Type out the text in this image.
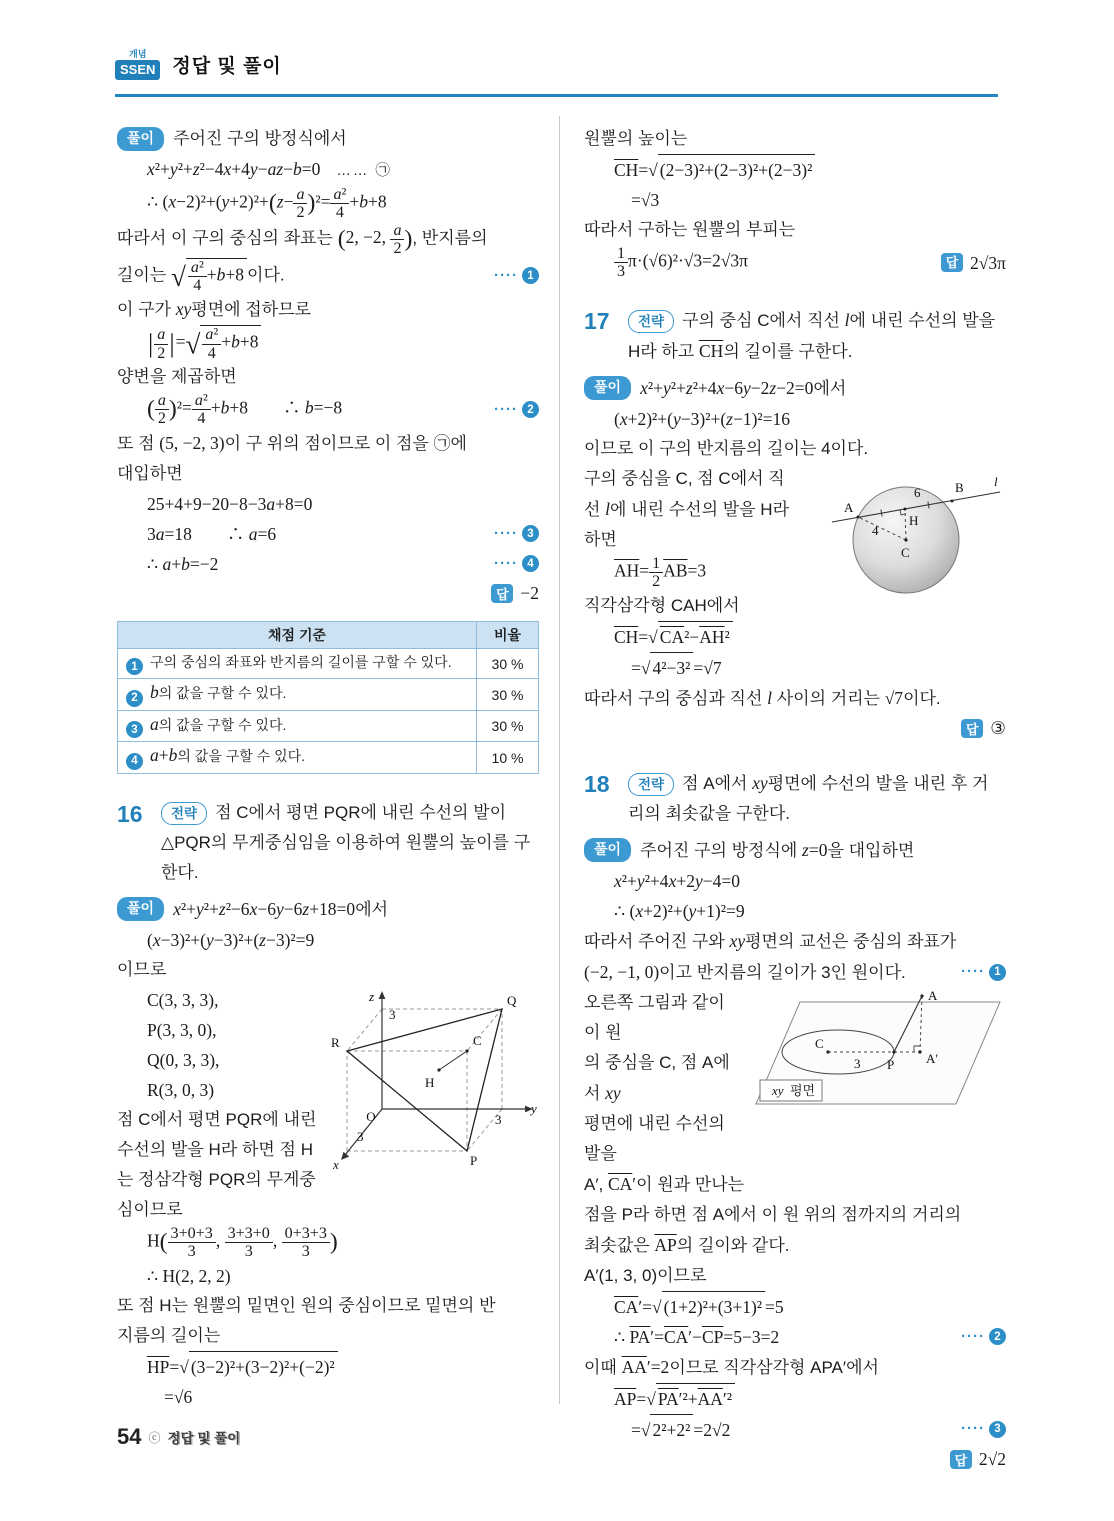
개념
SSEN 정답 및 풀이
풀이	주어진 구의 방정식에서
x²+y²+z²−4x+4y−az−b=0 …… ㉠
∴ $(x-2)^2+(y+2)^2+(z- \frac{a}{2} )^2= \frac{\text{a²}}{4} +b+8$
따라서 이 구의 중심의 좌표는 (2, −2, $\frac{a}{2}$ ), 반지름의
길이는 √ $\frac{\text{a²}}{4} +b+8$ 이다.	···· 1
이 구가 xy평면에 접하므로
| $\frac{a}{2}$ |=√ $\frac{\text{a²}}{4} +b+8$
양변을 제곱하면
( $\frac{a}{2} )^2= \frac{\text{a²}}{4} +b+8$　　∴ b=−8	···· 2
또 점 (5, −2, 3)이 구 위의 점이므로 이 점을 ㉠에
대입하면
25+4+9−20−8−3a+8=0
3a=18　　∴ a=6	···· 3
∴ a+b=−2	···· 4
답 −2
채점 기준	비율
1 구의 중심의 좌표와 반지름의 길이를 구할 수 있다.	30 %
2 b의 값을 구할 수 있다.	30 %
3 a의 값을 구할 수 있다.	30 %
4 a+b의 값을 구할 수 있다.	10 %
16	전략 점 C에서 평면 PQR에 내린 수선의 발이
△PQR의 무게중심임을 이용하여 원뿔의 높이를 구한다.
풀이	x²+y²+z²−6x−6y−6z+18=0에서
(x−3)²+(y−3)²+(z−3)²=9
이므로
z
y
x
O
Q
R	C
H
P
3
3
3
C(3, 3, 3),
P(3, 3, 0),
Q(0, 3, 3),
R(3, 0, 3)
점 C에서 평면 PQR에 내린
수선의 발을 H라 하면 점 H
는 정삼각형 PQR의 무게중심이므로
$H( \frac{3+0+3}{3}$ , $\frac{3+3+0}{3}$ , $\frac{0+3+3}{3}$ )
∴ H(2, 2, 2)
또 점 H는 원뿔의 밑면인 원의 중심이므로 밑면의 반
지름의 길이는
$\overline{HP}=√$ (3−2)²+(3−2)²+(−2)²
=√6
원뿔의 높이는
$\overline{CH}=√$ (2−3)²+(2−3)²+(2−3)²
=√3
따라서 구하는 원뿔의 부피는
$\frac{1}{3} \pi\cdot(√6)^2\cdot√3=2√3\pi$	답 2√3π
17	전략 구의 중심 C에서 직선 l에 내린 수선의 발을
H라 하고 $\overline{CH}$의 길이를 구한다.
풀이	x²+y²+z²+4x−6y−2z−2=0에서
(x+2)²+(y−3)²+(z−1)²=16
이므로 이 구의 반지름의 길이는 4이다.
A
B l
H
C
6
4
구의 중심을 C, 점 C에서 직
선 l에 내린 수선의 발을 H라
하면
$\overline{AH}= \frac{1}{2} \overline{AB}=3$
직각삼각형 CAH에서
$\overline{CH}=√$ $CA^2-\overline{AH}^2$
=√ 4²−3² =√7
따라서 구의 중심과 직선 l 사이의 거리는 √7이다.
답 ③
18	전략 점 A에서 xy평면에 수선의 발을 내린 후 거
리의 최솟값을 구한다.
풀이	주어진 구의 방정식에 z=0을 대입하면
x²+y²+4x+2y−4=0
∴ (x+2)²+(y+1)²=9
따라서 주어진 구와 xy평면의 교선은 중심의 좌표가
(−2, −1, 0)이고 반지름의 길이가 3인 원이다.	···· 1
xy 평면
C
P
A
A′
3
오른쪽 그림과 같이 이 원
의 중심을 C, 점 A에서 xy
평면에 내린 수선의 발을
A′, $\overline{CA}'$이 원과 만나는
점을 P라 하면 점 A에서 이 원 위의 점까지의 거리의
최솟값은 $\overline{AP}$의 길이와 같다.
A′(1, 3, 0)이므로
$\overline{CA}'=√$ (1+2)²+(3+1)² =5
∴ $\overline{PA}'=\overline{CA}'-\overline{CP}=5-3=2$	···· 2
이때 $\overline{AA}'=2$이므로 직각삼각형 APA′에서
$\overline{AP}=√$ $PA'^2+\overline{AA}'^2$
=√ 2²+2² =2√2	···· 3
답 2√2
54 ⓒ 정답 및 풀이
